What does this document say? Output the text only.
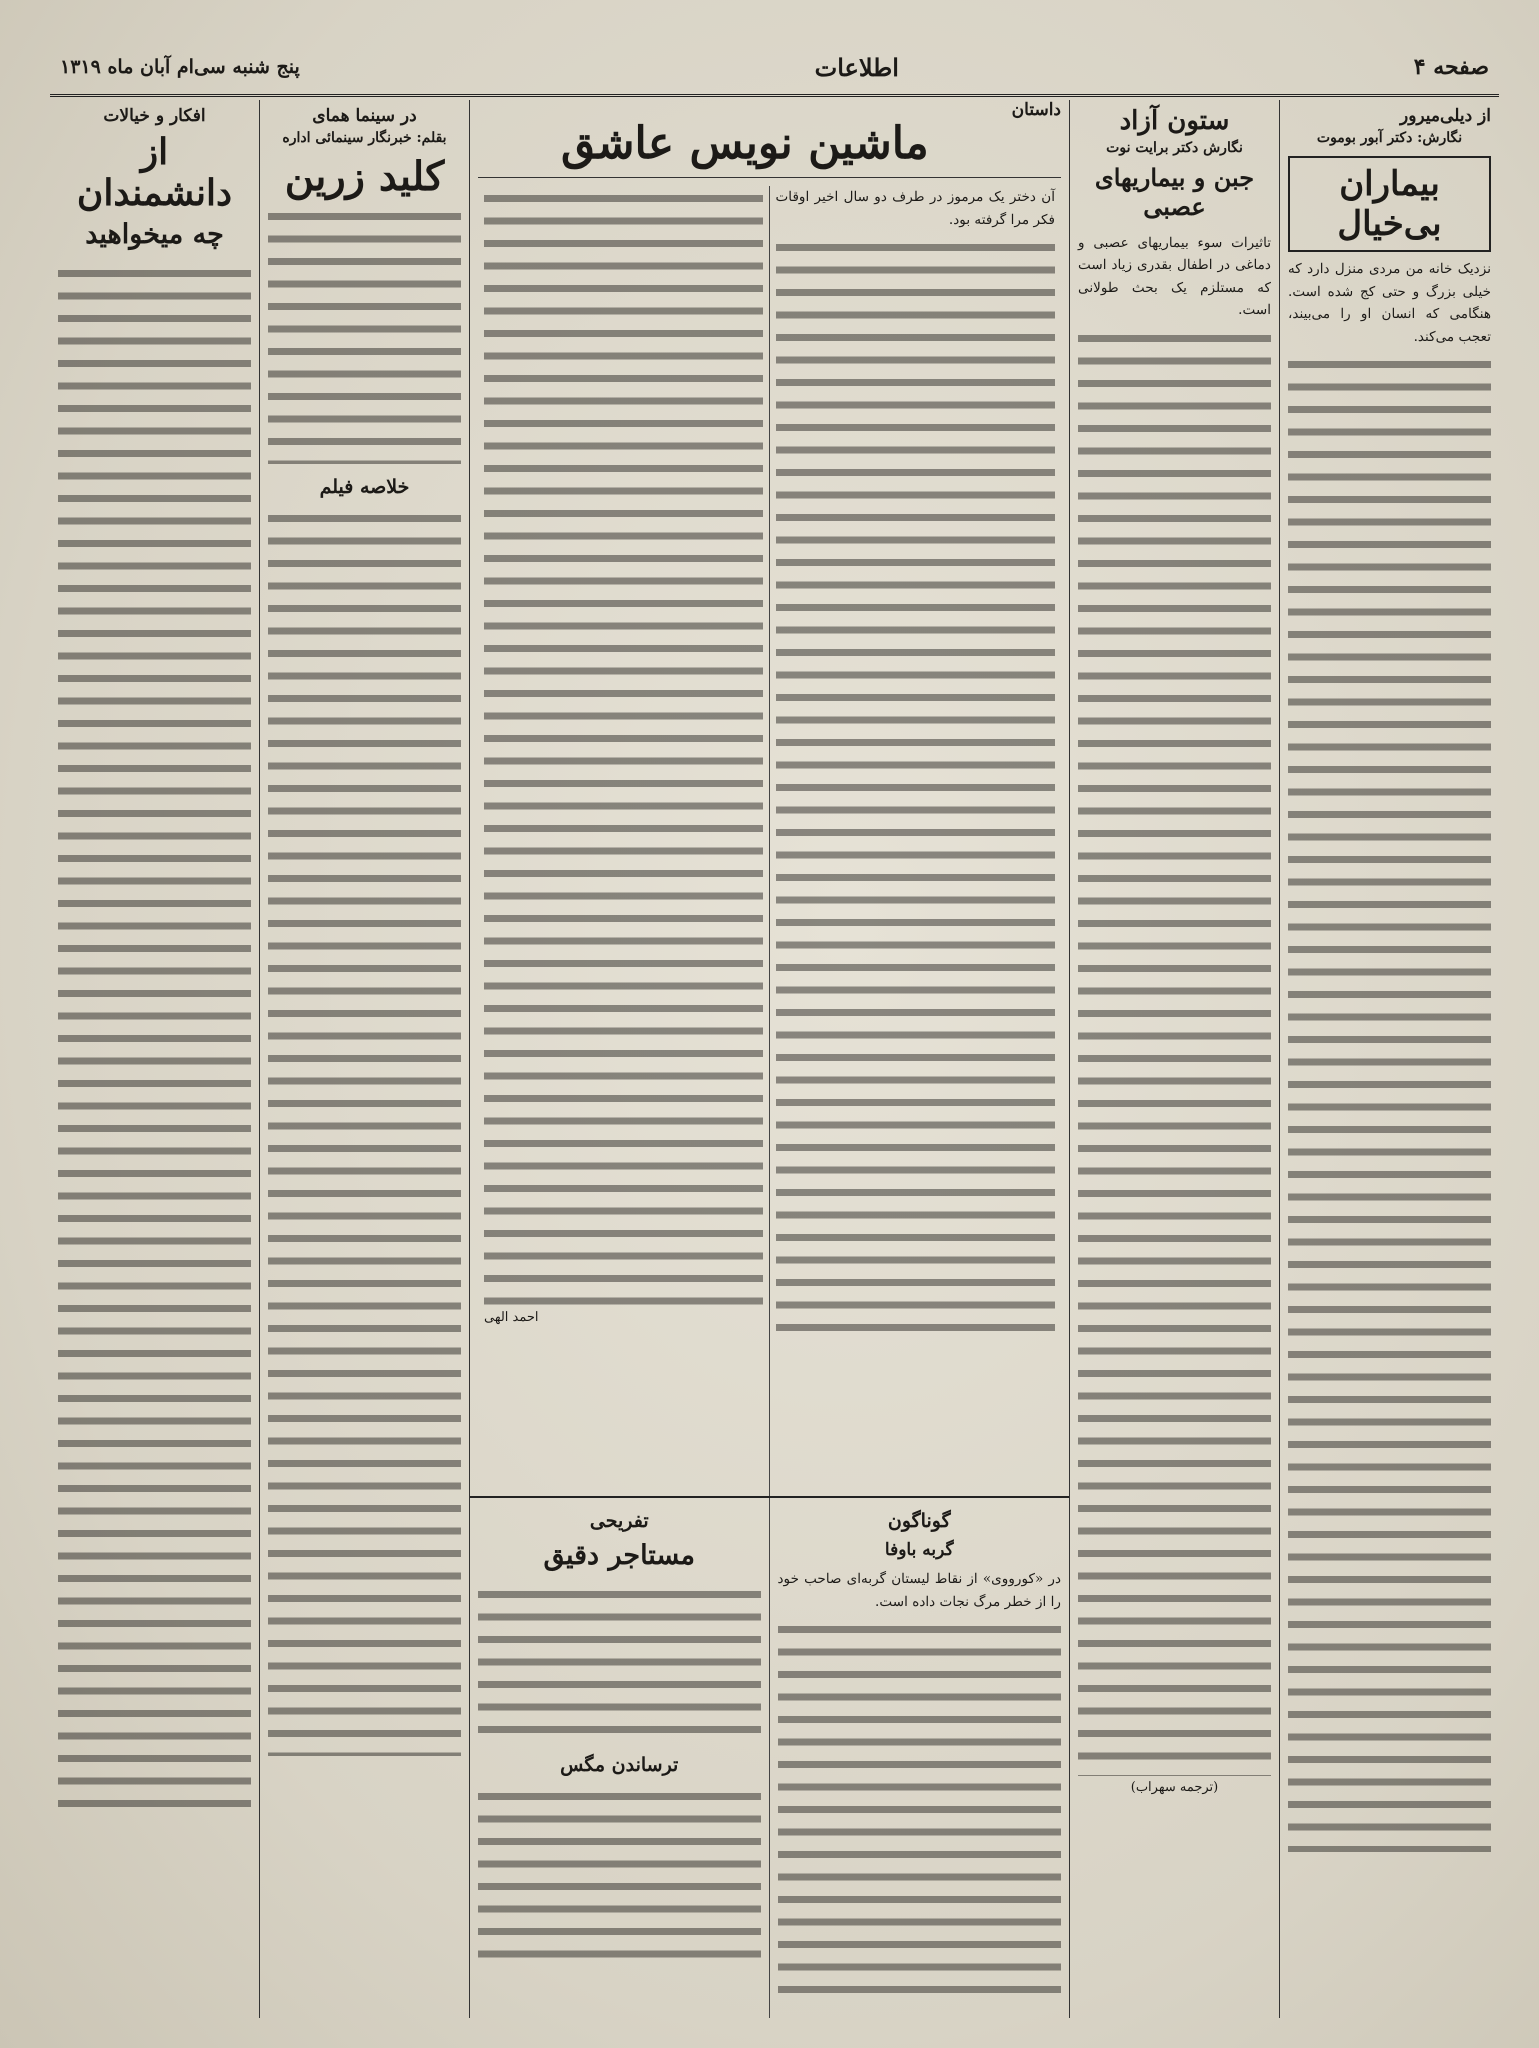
صفحه ۴
اطلاعات
پنج شنبه سی‌ام آبان ماه ۱۳۱۹
از دیلی‌میرور
نگارش: دکتر آبور بوموت
بیماران بی‌خیال
نزدیک خانه من مردی منزل دارد که خیلی بزرگ و حتی کج شده است. هنگامی که انسان او را می‌بیند، تعجب می‌کند.
ستون آزاد
نگارش دکتر برایت نوت
جبن و بیماریهای عصبی
تاثیرات سوء بیماریهای عصبی و دماغی در اطفال بقدری زیاد است که مستلزم یک بحث طولانی است.
(ترجمه سهراب)
داستان
ماشین نویس عاشق
آن دختر یک مرموز در طرف دو سال اخیر اوقات فکر مرا گرفته بود.
احمد الهی
گوناگون
گربه باوفا
در «کورووی» از نقاط لیستان گربه‌ای صاحب خود را از خطر مرگ نجات داده است.
تفریحی
مستاجر دقیق
ترساندن مگس
در سینما همای
بقلم: خبرنگار سینمائی اداره
کلید زرین
خلاصه فیلم
افکار و خیالات
از دانشمندان
چه میخواهید
